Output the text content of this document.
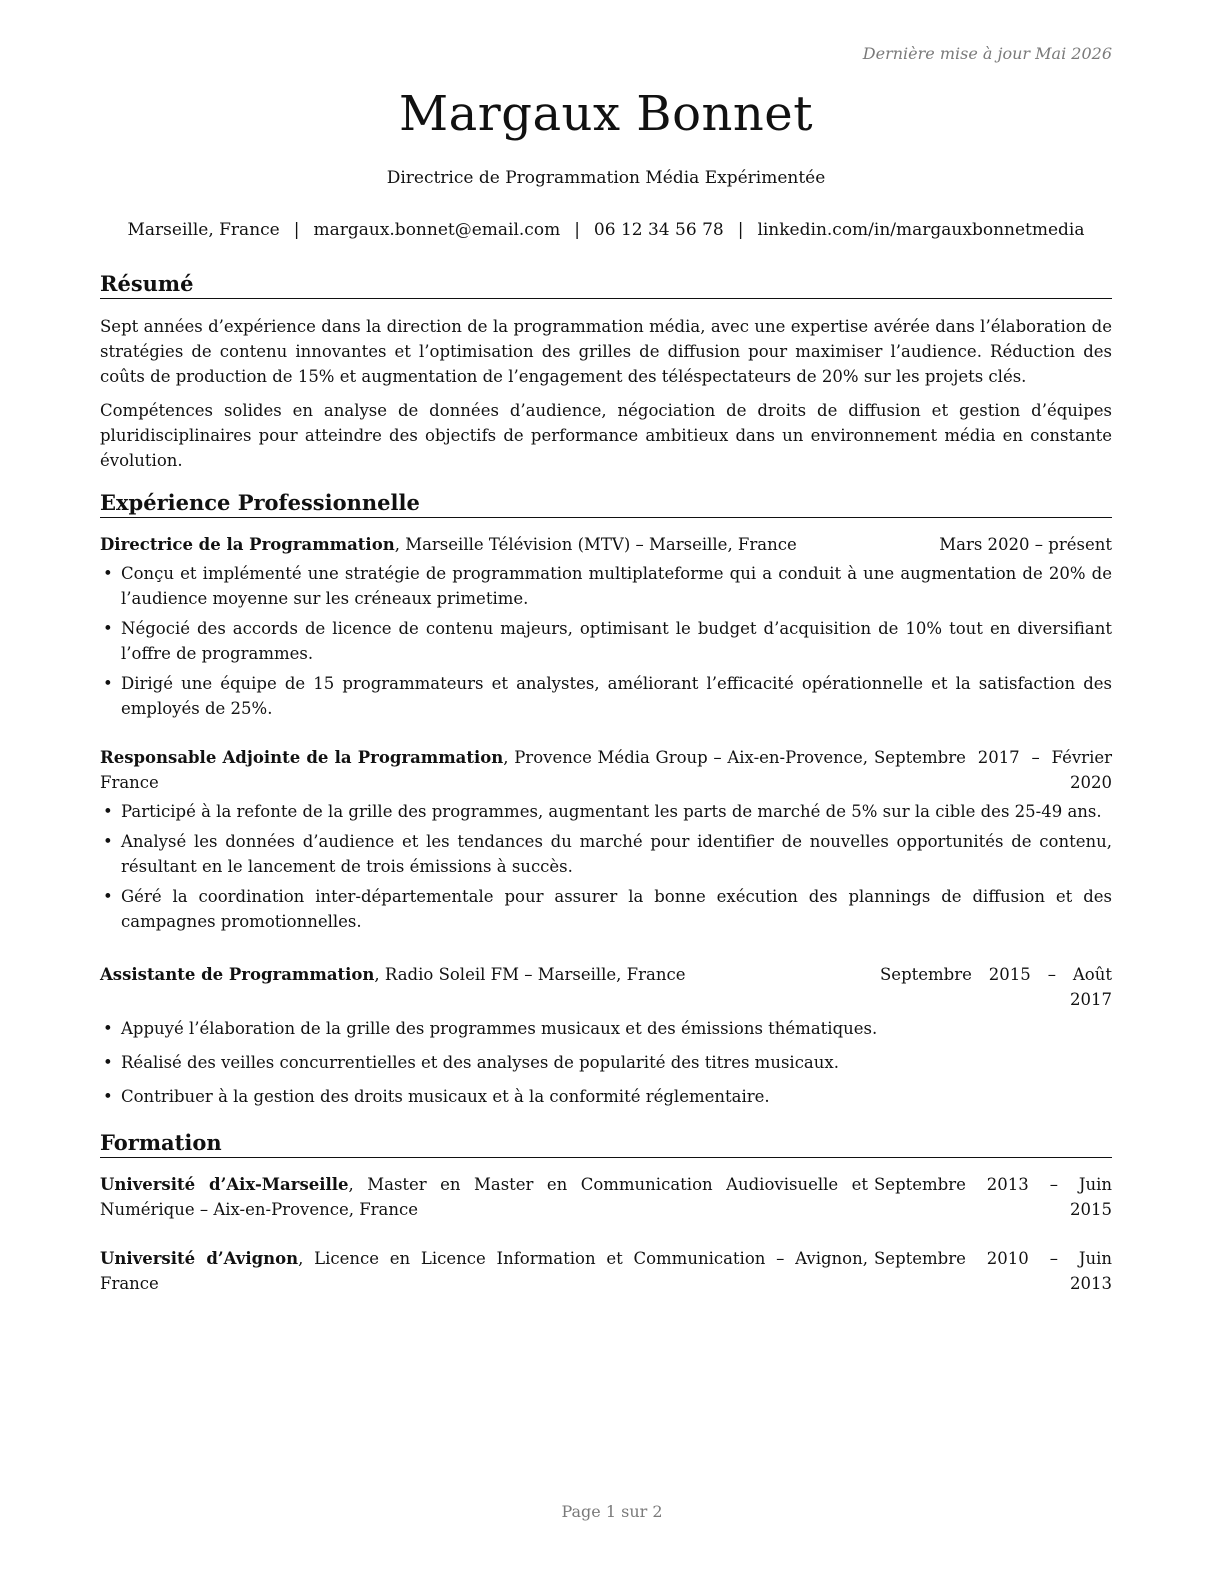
Dernière mise à jour Mai 2026
Margaux Bonnet
Directrice de Programmation Média Expérimentée
Marseille, France | margaux.bonnet@email.com | 06 12 34 56 78 | linkedin.com/in/margauxbonnetmedia
Résumé

Sept années d’expérience dans la direction de la programmation média, avec une expertise avérée dans l’élaboration de stratégies de contenu innovantes et l’optimisation des grilles de diffusion pour maximiser l’audience. Réduction des coûts de production de 15% et augmentation de l’engagement des téléspectateurs de 20% sur les projets clés.

Compétences solides en analyse de données d’audience, négociation de droits de diffusion et gestion d’équipes pluridisciplinaires pour atteindre des objectifs de performance ambitieux dans un environnement média en constante évolution.

Expérience Professionnelle
Directrice de la Programmation, Marseille Télévision (MTV) – Marseille, France	Mars 2020 – présent
• Conçu et implémenté une stratégie de programmation multiplateforme qui a conduit à une augmentation de 20% de l’audience moyenne sur les créneaux primetime.
• Négocié des accords de licence de contenu majeurs, optimisant le budget d’acquisition de 10% tout en diversifiant l’offre de programmes.
• Dirigé une équipe de 15 programmateurs et analystes, améliorant l’efficacité opérationnelle et la satisfaction des employés de 25%.
Responsable Adjointe de la Programmation, Provence Média Group – Aix-en-Provence, France
Septembre 2017 – Février 2020
• Participé à la refonte de la grille des programmes, augmentant les parts de marché de 5% sur la cible des 25-49 ans.
• Analysé les données d’audience et les tendances du marché pour identifier de nouvelles opportunités de contenu, résultant en le lancement de trois émissions à succès.
• Géré la coordination inter-départementale pour assurer la bonne exécution des plannings de diffusion et des campagnes promotionnelles.
Assistante de Programmation, Radio Soleil FM – Marseille, France	Septembre 2015 – Août 2017
• Appuyé l’élaboration de la grille des programmes musicaux et des émissions thématiques.
• Réalisé des veilles concurrentielles et des analyses de popularité des titres musicaux.
• Contribuer à la gestion des droits musicaux et à la conformité réglementaire.
Formation
Université d’Aix-Marseille, Master en Master en Communication Audiovisuelle et Numérique – Aix-en-Provence, France
Septembre 2013 – Juin 2015
Université d’Avignon, Licence en Licence Information et Communication – Avignon, France
Septembre 2010 – Juin 2013
Page 1 sur 2
